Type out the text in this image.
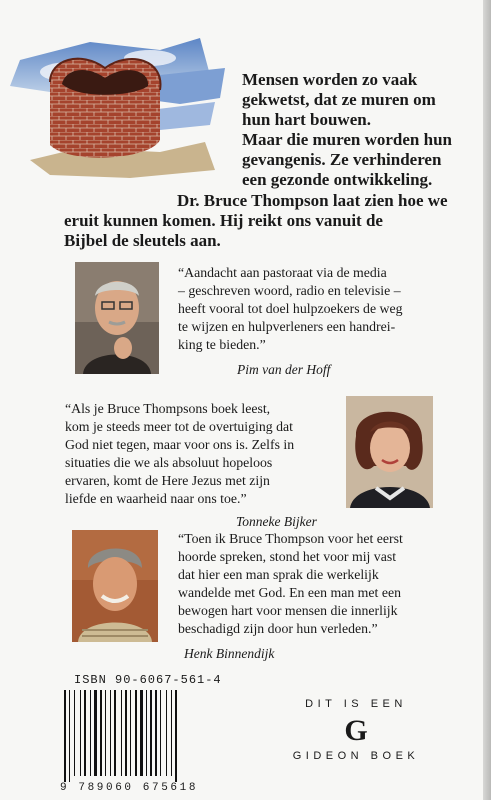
Mensen worden zo vaak

gekwetst, dat ze muren om

hun hart bouwen.

Maar die muren worden hun

gevangenis. Ze verhinderen

een gezonde ontwikkeling.

Dr. Bruce Thompson laat zien hoe we

eruit kunnen komen. Hij reikt ons vanuit de

Bijbel de sleutels aan.

“Aandacht aan pastoraat via de media

– geschreven woord, radio en televisie –

heeft vooral tot doel hulpzoekers de weg

te wijzen en hulpverleners een handrei-

king te bieden.”

Pim van der Hoff

“Als je Bruce Thompsons boek leest,

kom je steeds meer tot de overtuiging dat

God niet tegen, maar voor ons is. Zelfs in

situaties die we als absoluut hopeloos

ervaren, komt de Here Jezus met zijn

liefde en waarheid naar ons toe.”

Tonneke Bijker

“Toen ik Bruce Thompson voor het eerst

hoorde spreken, stond het voor mij vast

dat hier een man sprak die werkelijk

wandelde met God. En een man met een

bewogen hart voor mensen die innerlijk

beschadigd zijn door hun verleden.”

Henk Binnendijk
ISBN 90-6067-561-4
9 789060 675618
DIT IS EEN
G
GIDEON BOEK
